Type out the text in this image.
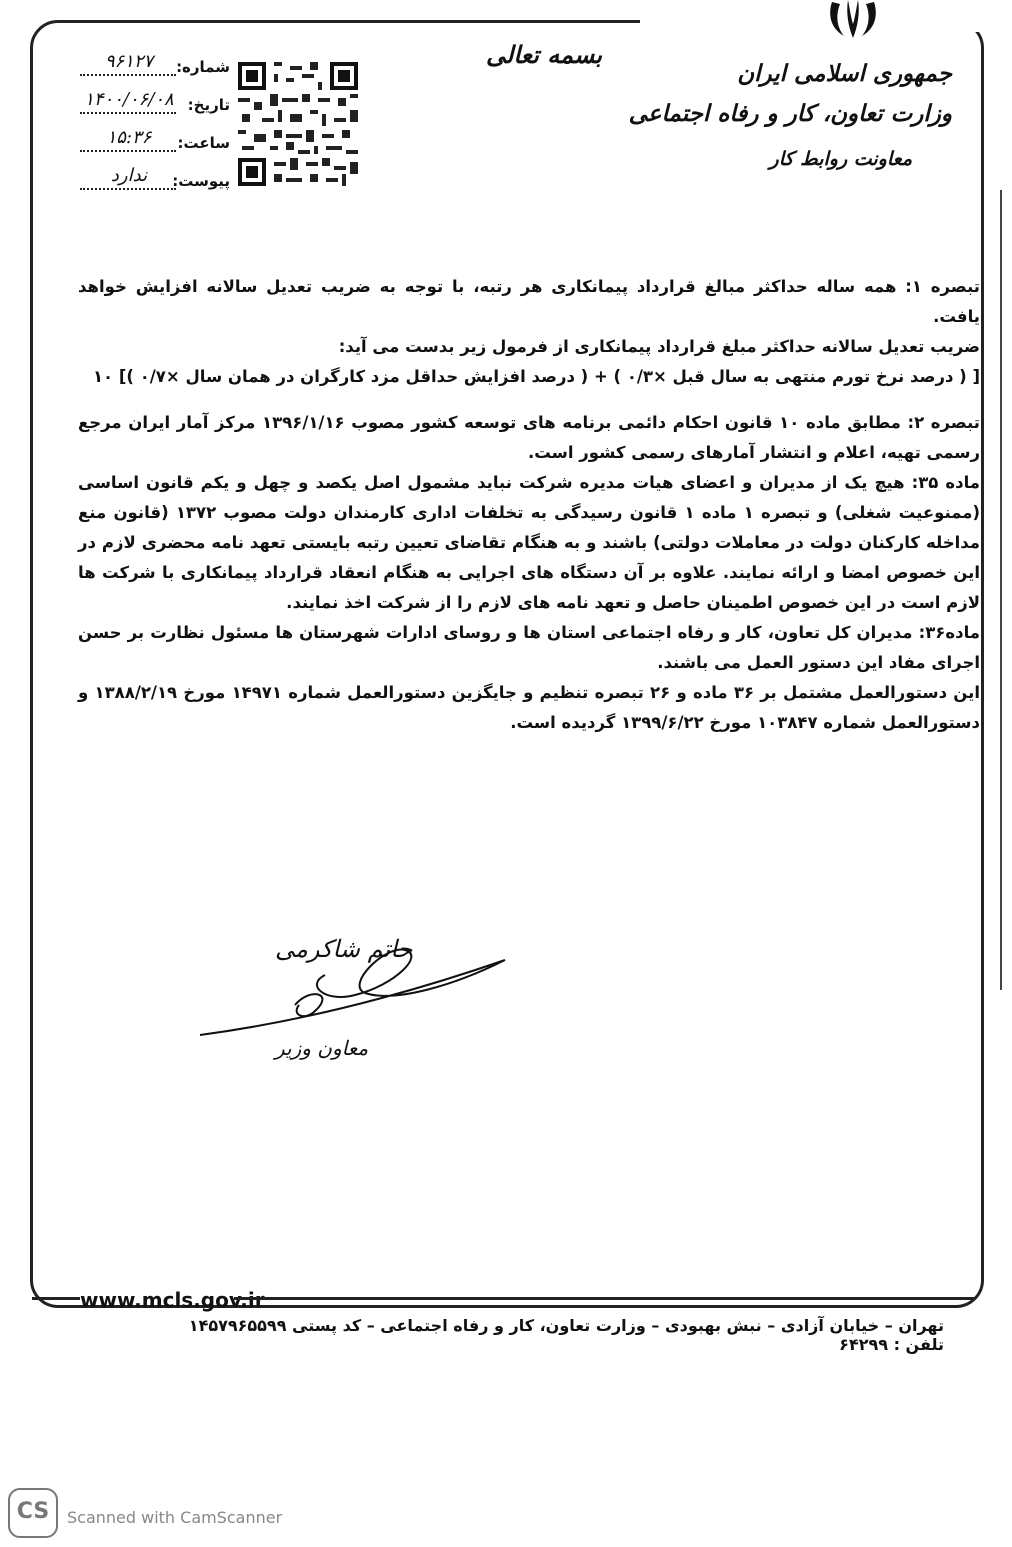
جمهوری اسلامی ایران
وزارت تعاون، کار و رفاه اجتماعی
معاونت روابط کار
بسمه تعالی
شماره:
۹۶۱۲۷
تاریخ:
۱۴۰۰/۰۶/۰۸
ساعت:
۱۵:۳۶
پیوست:
ندارد

تبصره ۱: همه ساله حداکثر مبالغ قرارداد پیمانکاری هر رتبه، با توجه به ضریب تعدیل سالانه افزایش خواهد یافت.

ضریب تعدیل سالانه حداکثر مبلغ قرارداد پیمانکاری از فرمول زیر بدست می آید:

[ ( درصد نرخ تورم منتهی به سال قبل ×۰/۳ ) + ( درصد افزایش حداقل مزد کارگران در همان سال ×۰/۷ )] ۱۰

تبصره ۲: مطابق ماده ۱۰ قانون احکام دائمی برنامه های توسعه کشور مصوب ۱۳۹۶/۱/۱۶ مرکز آمار ایران مرجع رسمی تهیه، اعلام و انتشار آمارهای رسمی کشور است.

ماده ۳۵: هیچ یک از مدیران و اعضای هیات مدیره شرکت نباید مشمول اصل یکصد و چهل و یکم قانون اساسی (ممنوعیت شغلی) و تبصره ۱ ماده ۱ قانون رسیدگی به تخلفات اداری کارمندان دولت مصوب ۱۳۷۲ (قانون منع مداخله کارکنان دولت در معاملات دولتی) باشند و به هنگام تقاضای تعیین رتبه بایستی تعهد نامه محضری لازم در این خصوص امضا و ارائه نمایند. علاوه بر آن دستگاه های اجرایی به هنگام انعقاد قرارداد پیمانکاری با شرکت ها لازم است در این خصوص اطمینان حاصل و تعهد نامه های لازم را از شرکت اخذ نمایند.

ماده۳۶: مدیران کل تعاون، کار و رفاه اجتماعی استان ها و روسای ادارات شهرستان ها مسئول نظارت بر حسن اجرای مفاد این دستور العمل می باشند.

این دستورالعمل مشتمل بر ۳۶ ماده و ۲۶ تبصره تنظیم و جایگزین دستورالعمل شماره ۱۴۹۷۱ مورخ ۱۳۸۸/۲/۱۹ و دستورالعمل شماره ۱۰۳۸۴۷ مورخ ۱۳۹۹/۶/۲۲ گردیده است.

حاتم شاکرمی
معاون وزیر
www.mcls.gov.ir
تهران – خیابان آزادی – نبش بهبودی – وزارت تعاون، کار و رفاه اجتماعی – کد پستی ۱۴۵۷۹۶۵۵۹۹ تلفن : ۶۴۲۹۹
CS	Scanned with CamScanner
